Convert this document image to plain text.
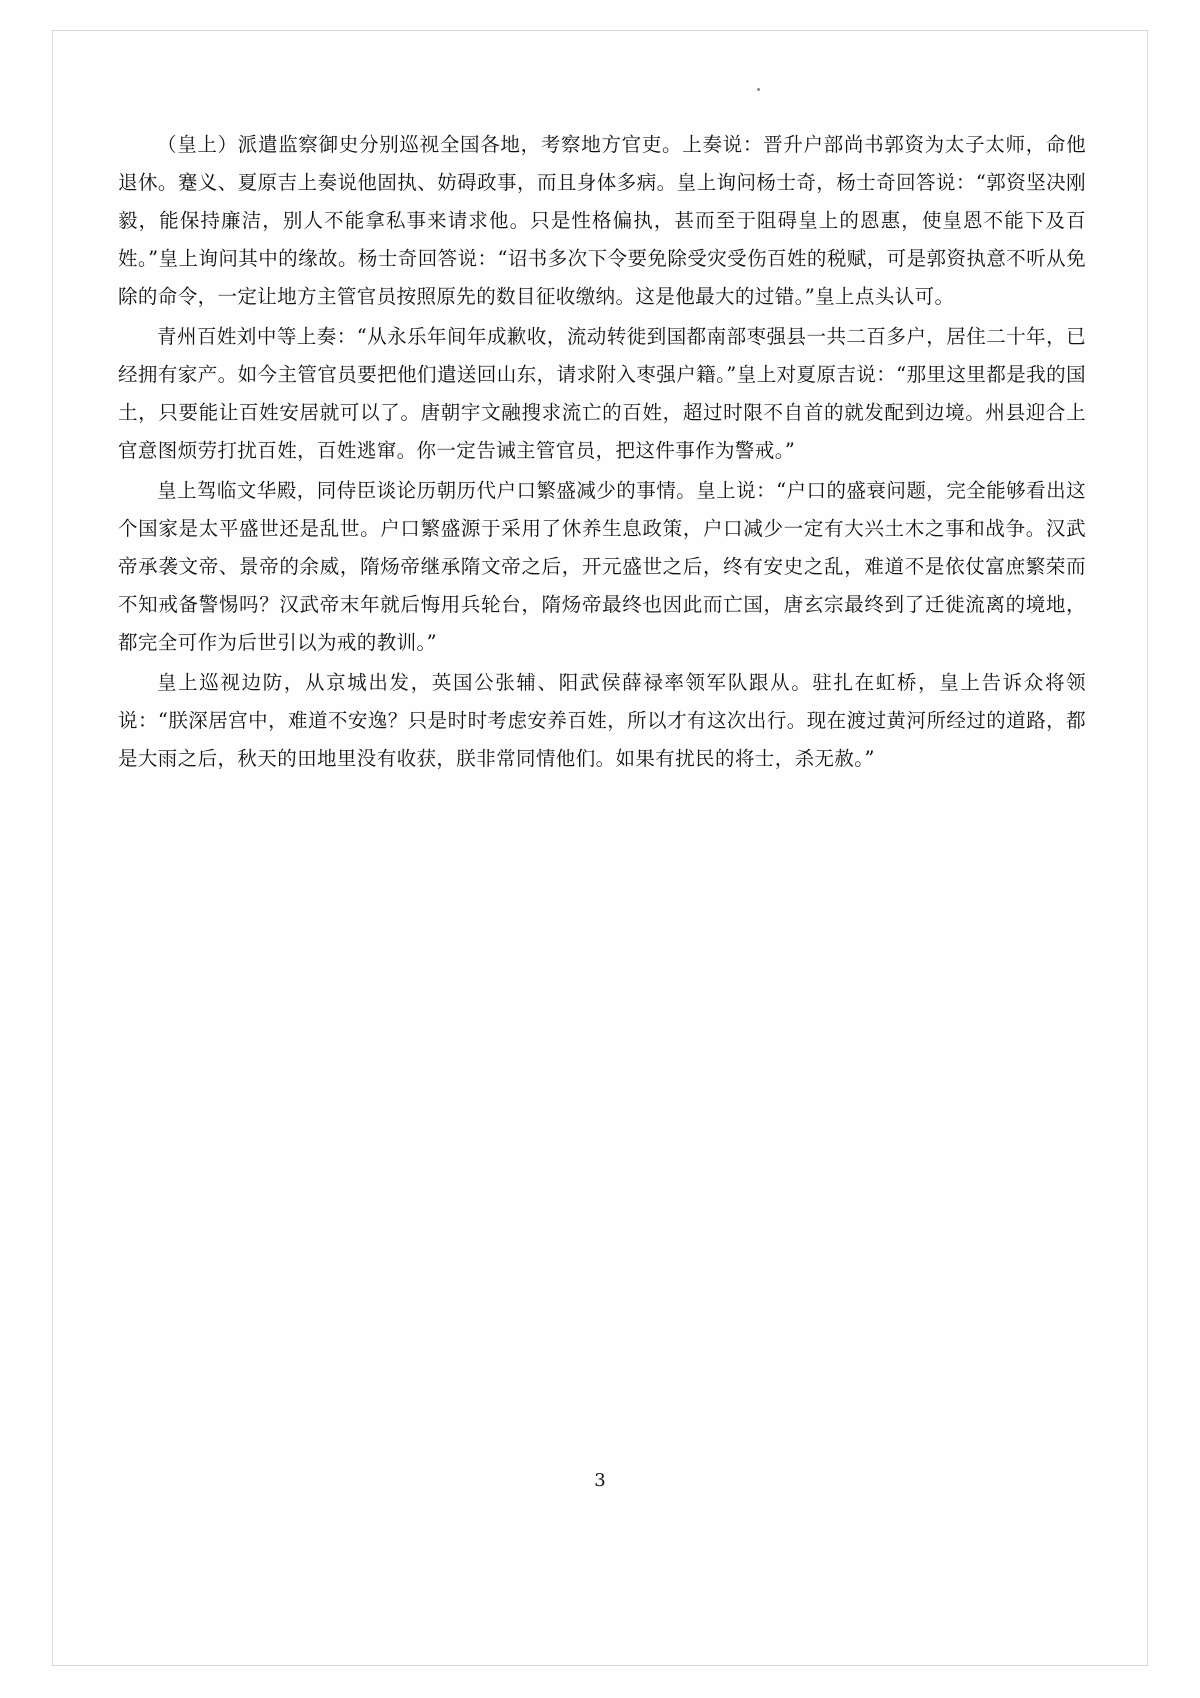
（皇上）派遣监察御史分别巡视全国各地，考察地方官吏。上奏说：晋升户部尚书郭资为太子太师，命他退休。蹇义、夏原吉上奏说他固执、妨碍政事，而且身体多病。皇上询问杨士奇，杨士奇回答说：“郭资坚决刚毅，能保持廉洁，别人不能拿私事来请求他。只是性格偏执，甚而至于阻碍皇上的恩惠，使皇恩不能下及百姓。”皇上询问其中的缘故。杨士奇回答说：“诏书多次下令要免除受灾受伤百姓的税赋，可是郭资执意不听从免除的命令，一定让地方主管官员按照原先的数目征收缴纳。这是他最大的过错。”皇上点头认可。

青州百姓刘中等上奏：“从永乐年间年成歉收，流动转徙到国都南部枣强县一共二百多户，居住二十年，已经拥有家产。如今主管官员要把他们遣送回山东，请求附入枣强户籍。”皇上对夏原吉说：“那里这里都是我的国土，只要能让百姓安居就可以了。唐朝宇文融搜求流亡的百姓，超过时限不自首的就发配到边境。州县迎合上官意图烦劳打扰百姓，百姓逃窜。你一定告诫主管官员，把这件事作为警戒。”

皇上驾临文华殿，同侍臣谈论历朝历代户口繁盛减少的事情。皇上说：“户口的盛衰问题，完全能够看出这个国家是太平盛世还是乱世。户口繁盛源于采用了休养生息政策，户口减少一定有大兴土木之事和战争。汉武帝承袭文帝、景帝的余威，隋炀帝继承隋文帝之后，开元盛世之后，终有安史之乱，难道不是依仗富庶繁荣而不知戒备警惕吗？汉武帝末年就后悔用兵轮台，隋炀帝最终也因此而亡国，唐玄宗最终到了迁徙流离的境地，都完全可作为后世引以为戒的教训。”

皇上巡视边防，从京城出发，英国公张辅、阳武侯薛禄率领军队跟从。驻扎在虹桥，皇上告诉众将领说：“朕深居宫中，难道不安逸？只是时时考虑安养百姓，所以才有这次出行。现在渡过黄河所经过的道路，都是大雨之后，秋天的田地里没有收获，朕非常同情他们。如果有扰民的将士，杀无赦。”

3
